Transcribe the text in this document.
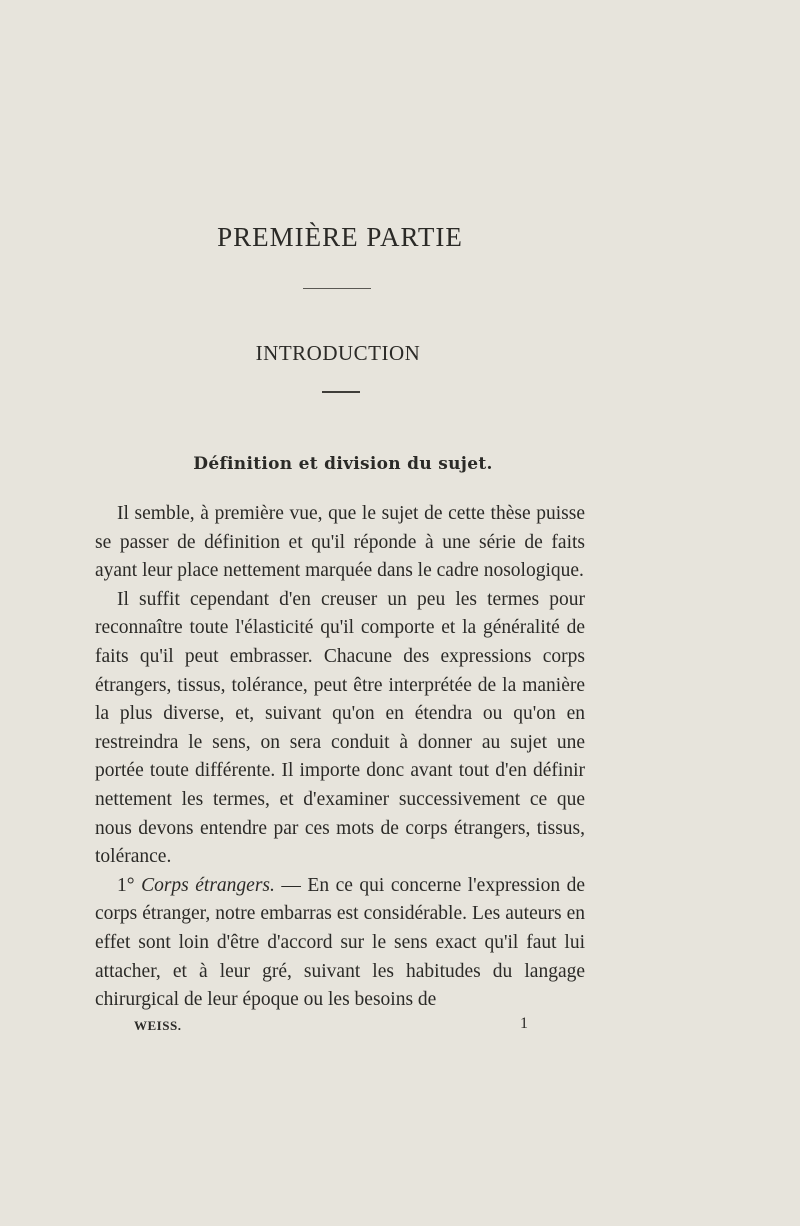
PREMIÈRE PARTIE
INTRODUCTION
Définition et division du sujet.

Il semble, à première vue, que le sujet de cette thèse puisse se passer de définition et qu'il réponde à une série de faits ayant leur place nettement marquée dans le cadre nosologique.

Il suffit cependant d'en creuser un peu les termes pour reconnaître toute l'élasticité qu'il comporte et la généralité de faits qu'il peut embrasser. Chacune des expressions corps étrangers, tissus, tolérance, peut être interprétée de la manière la plus diverse, et, suivant qu'on en étendra ou qu'on en restreindra le sens, on sera conduit à donner au sujet une portée toute différente. Il importe donc avant tout d'en définir nettement les termes, et d'examiner successivement ce que nous devons entendre par ces mots de corps étrangers, tissus, tolérance.

1° Corps étrangers. — En ce qui concerne l'expression de corps étranger, notre embarras est considérable. Les auteurs en effet sont loin d'être d'accord sur le sens exact qu'il faut lui attacher, et à leur gré, suivant les habitudes du langage chirurgical de leur époque ou les besoins de

WEISS.	1
